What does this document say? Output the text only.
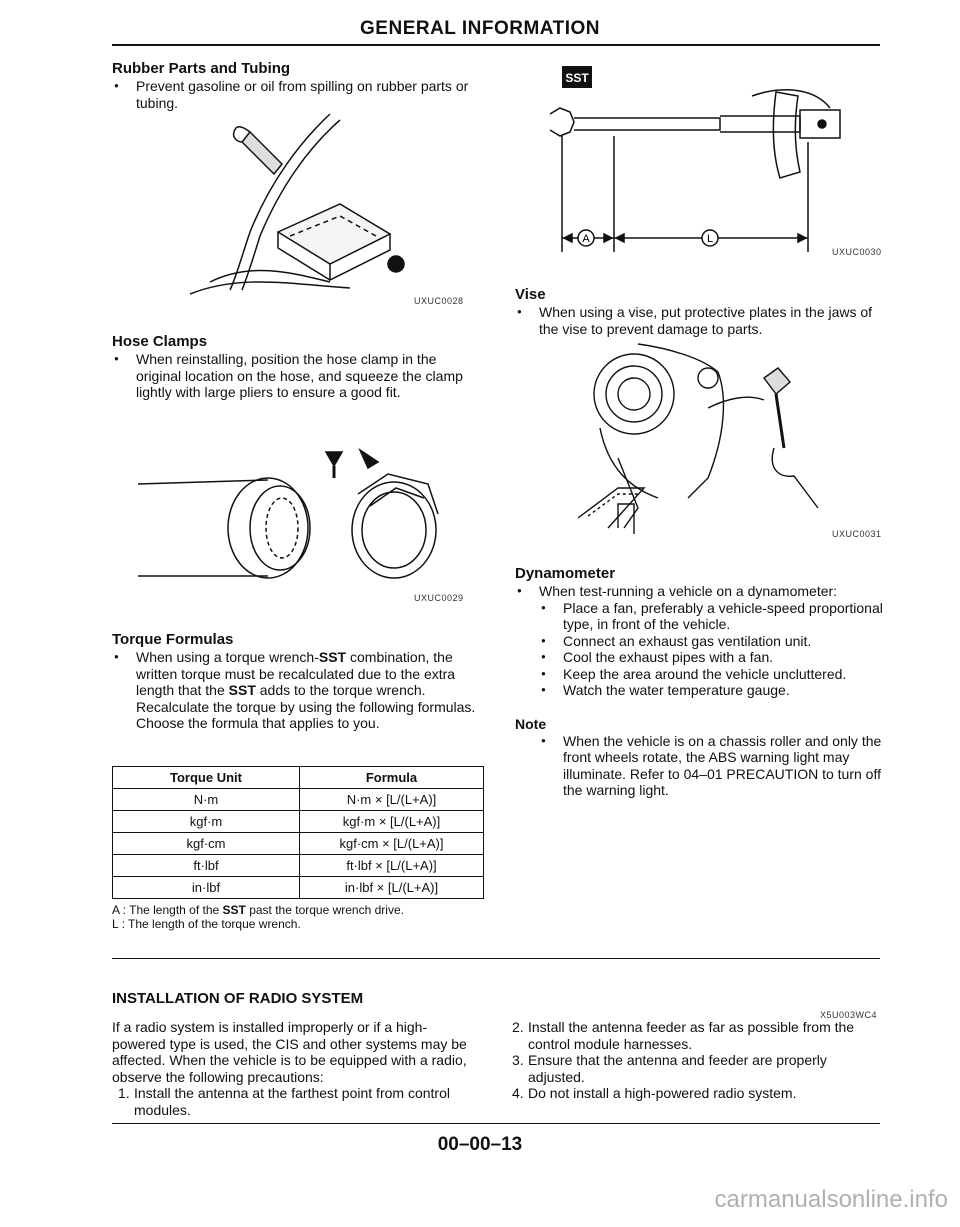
GENERAL INFORMATION
Rubber Parts and Tubing
● Prevent gasoline or oil from spilling on rubber parts or tubing.
UXUC0028
Hose Clamps
● When reinstalling, position the hose clamp in the original location on the hose, and squeeze the clamp lightly with large pliers to ensure a good fit.
UXUC0029
Torque Formulas
● When using a torque wrench-SST combination, the written torque must be recalculated due to the extra length that the SST adds to the torque wrench. Recalculate the torque by using the following formulas. Choose the formula that applies to you.
Torque Unit	Formula
N·m	N·m × [L/(L+A)]
kgf·m	kgf·m × [L/(L+A)]
kgf·cm	kgf·cm × [L/(L+A)]
ft·lbf	ft·lbf × [L/(L+A)]
in·lbf	in·lbf × [L/(L+A)]
A : The length of the SST past the torque wrench drive.
L : The length of the torque wrench.
SST
A	L
UXUC0030
Vise
● When using a vise, put protective plates in the jaws of the vise to prevent damage to parts.
UXUC0031
Dynamometer
● When test-running a vehicle on a dynamometer:
● Place a fan, preferably a vehicle-speed proportional type, in front of the vehicle.
● Connect an exhaust gas ventilation unit.
● Cool the exhaust pipes with a fan.
● Keep the area around the vehicle uncluttered.
● Watch the water temperature gauge.
Note
● When the vehicle is on a chassis roller and only the front wheels rotate, the ABS warning light may illuminate. Refer to 04–01 PRECAUTION to turn off the warning light.
INSTALLATION OF RADIO SYSTEM
X5U003WC4
If a radio system is installed improperly or if a high-powered type is used, the CIS and other systems may be affected. When the vehicle is to be equipped with a radio, observe the following precautions:
1. Install the antenna at the farthest point from control modules.
2. Install the antenna feeder as far as possible from the control module harnesses.
3. Ensure that the antenna and feeder are properly adjusted.
4. Do not install a high-powered radio system.
00–00–13
carmanualsonline.info
